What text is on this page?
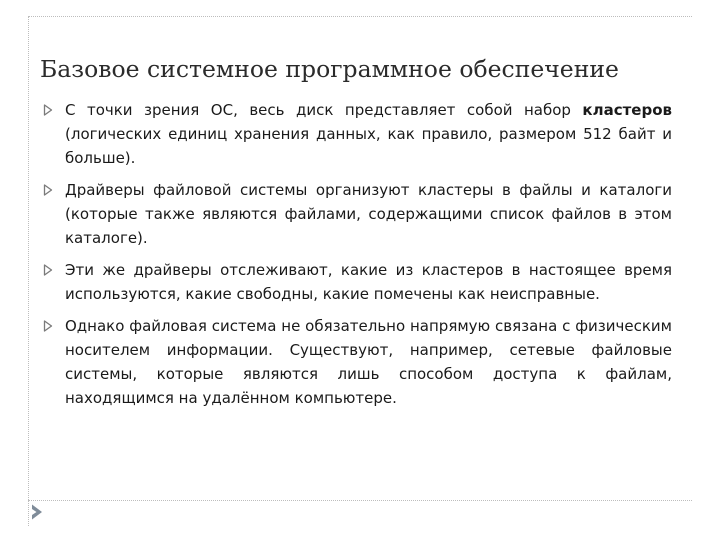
Базовое системное программное обеспечение
С точки зрения ОС, весь диск представляет собой набор кластеров (логических единиц хранения данных, как правило, размером 512 байт и больше).
Драйверы файловой системы организуют кластеры в файлы и каталоги (которые также являются файлами, содержащими список файлов в этом каталоге).
Эти же драйверы отслеживают, какие из кластеров в настоящее время используются, какие свободны, какие помечены как неисправные.
Однако файловая система не обязательно напрямую связана с физическим носителем информации. Существуют, например, сетевые файловые системы, которые являются лишь способом доступа к файлам, находящимся на удалённом компьютере.
